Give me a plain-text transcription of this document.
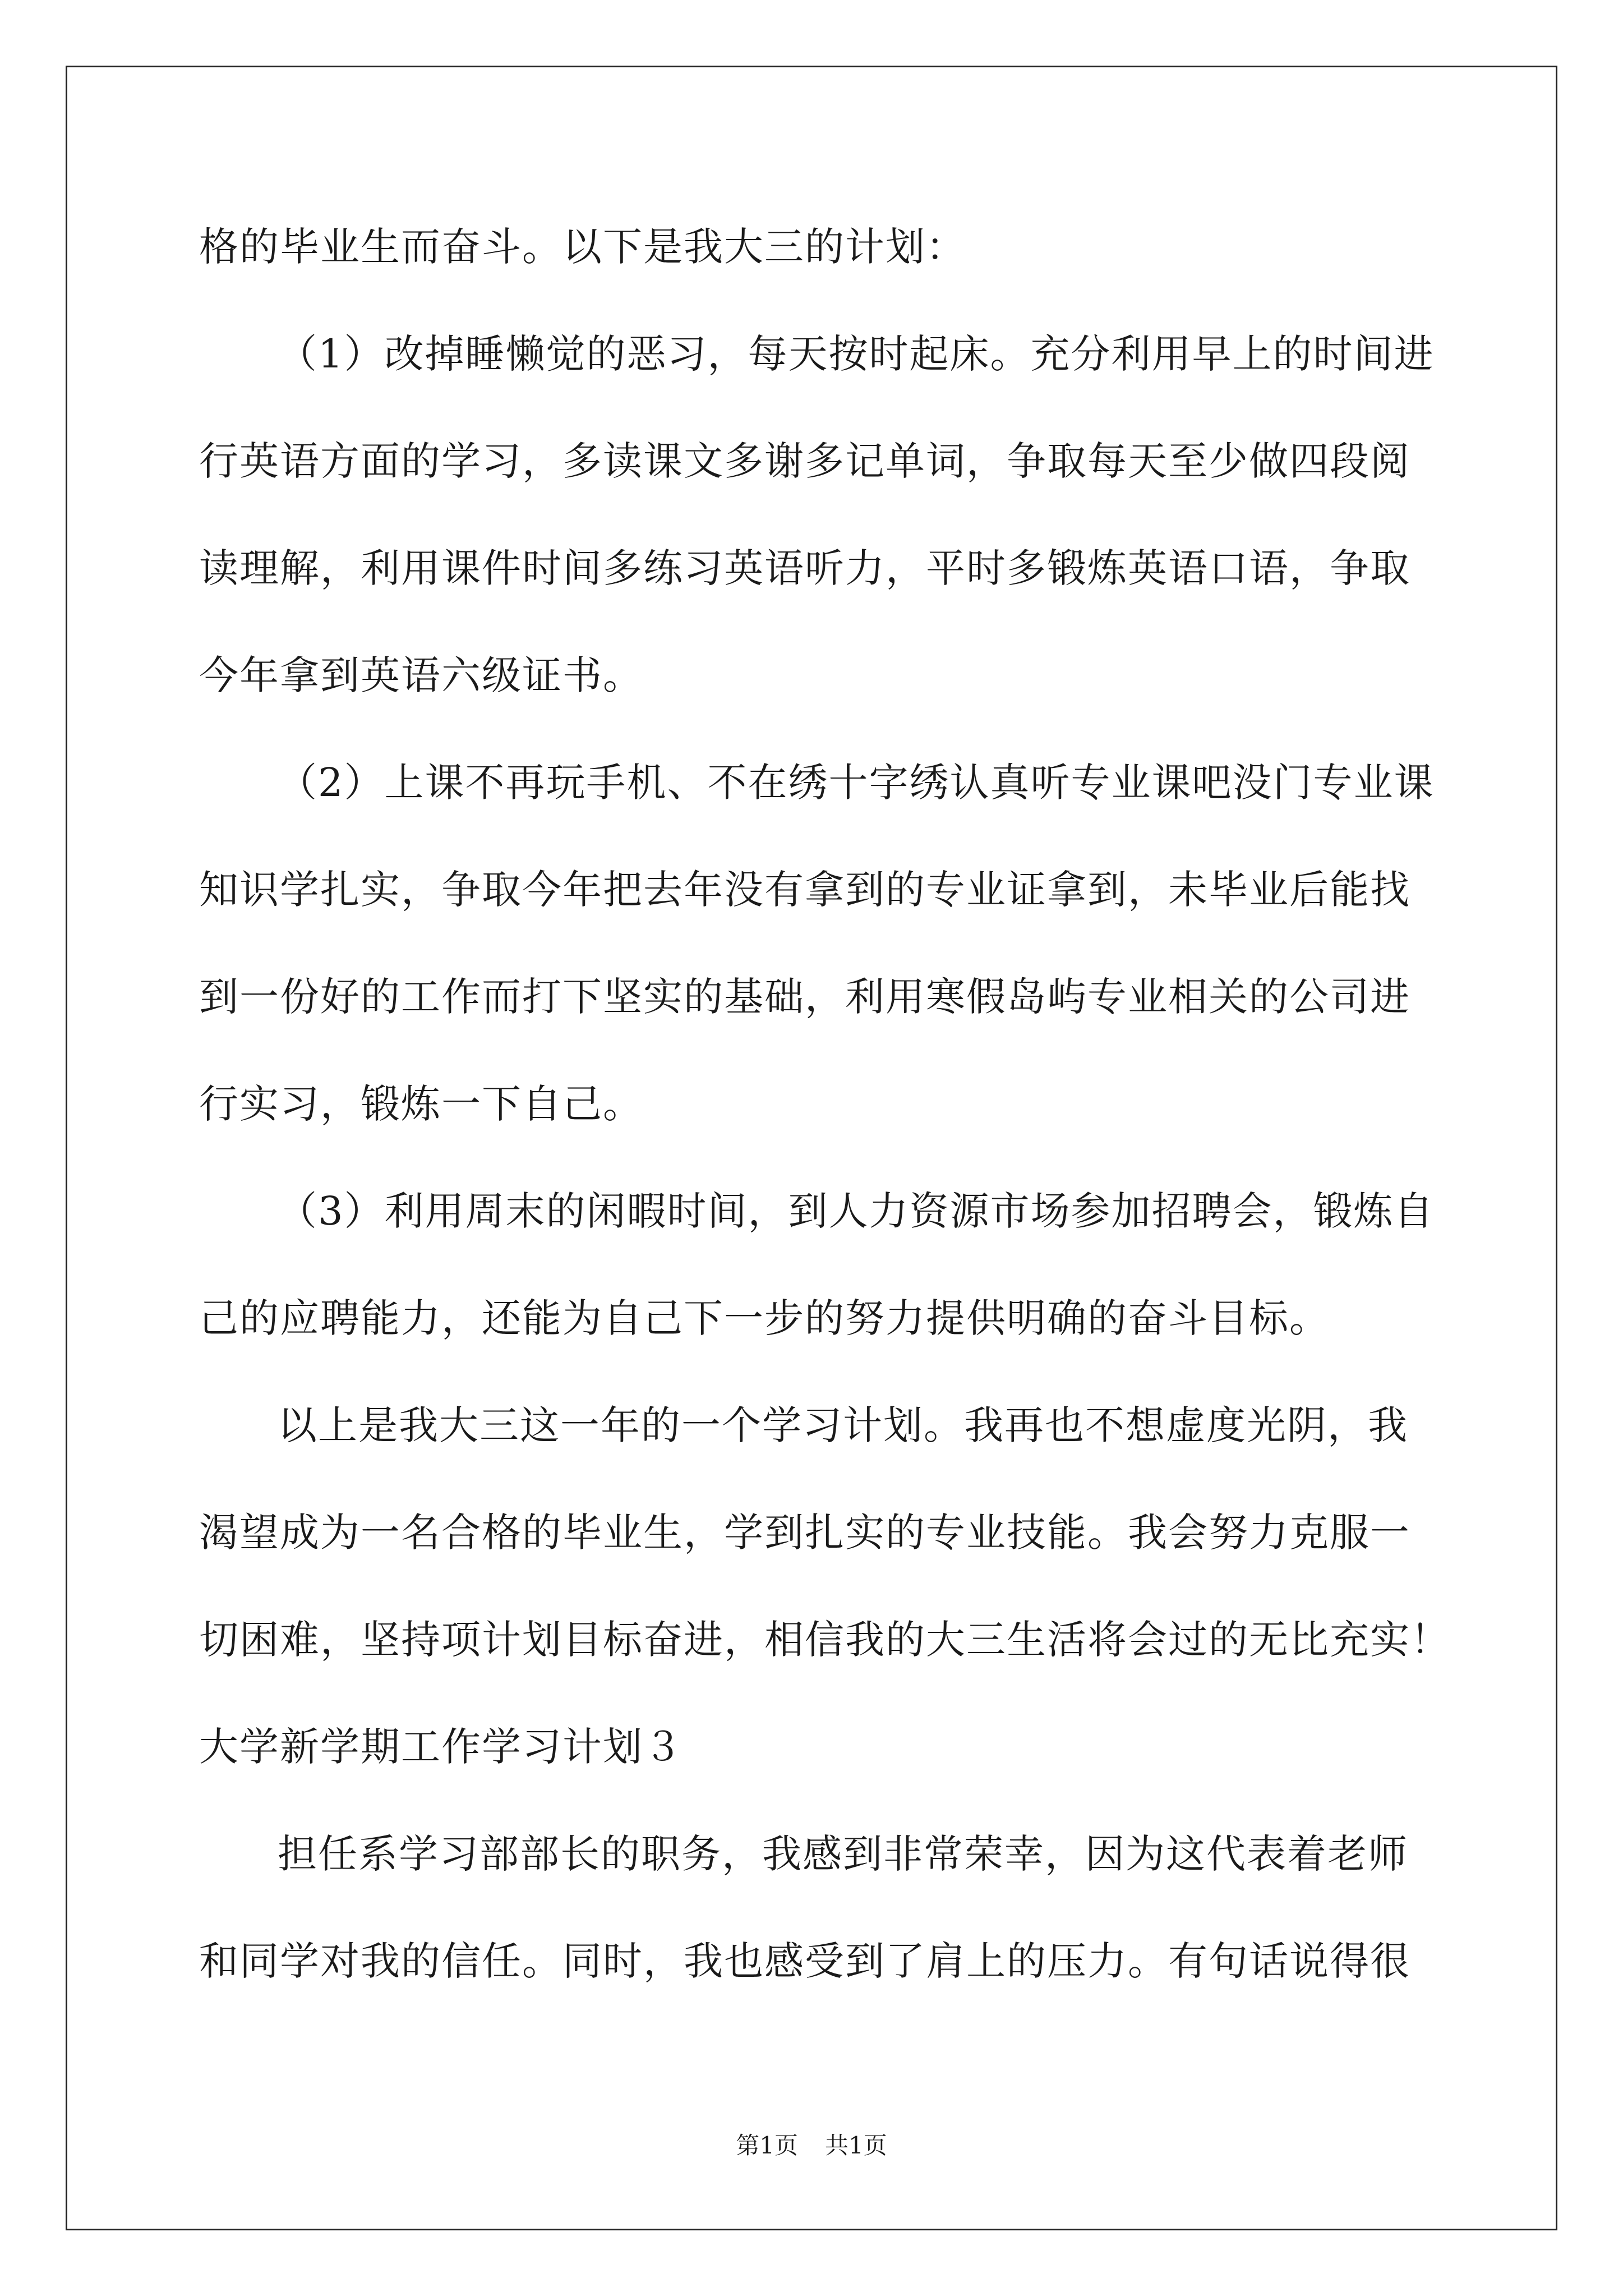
格的毕业生而奋斗。以下是我大三的计划：
（1）改掉睡懒觉的恶习，每天按时起床。充分利用早上的时间进
行英语方面的学习，多读课文多谢多记单词，争取每天至少做四段阅
读理解，利用课件时间多练习英语听力，平时多锻炼英语口语，争取
今年拿到英语六级证书。
（2）上课不再玩手机、不在绣十字绣认真听专业课吧没门专业课
知识学扎实，争取今年把去年没有拿到的专业证拿到，未毕业后能找
到一份好的工作而打下坚实的基础，利用寒假岛屿专业相关的公司进
行实习，锻炼一下自己。
（3）利用周末的闲暇时间，到人力资源市场参加招聘会，锻炼自
己的应聘能力，还能为自己下一步的努力提供明确的奋斗目标。
以上是我大三这一年的一个学习计划。我再也不想虚度光阴，我
渴望成为一名合格的毕业生，学到扎实的专业技能。我会努力克服一
切困难，坚持项计划目标奋进，相信我的大三生活将会过的无比充实！
大学新学期工作学习计划３
担任系学习部部长的职务，我感到非常荣幸，因为这代表着老师
和同学对我的信任。同时，我也感受到了肩上的压力。有句话说得很
第1页 共1页
